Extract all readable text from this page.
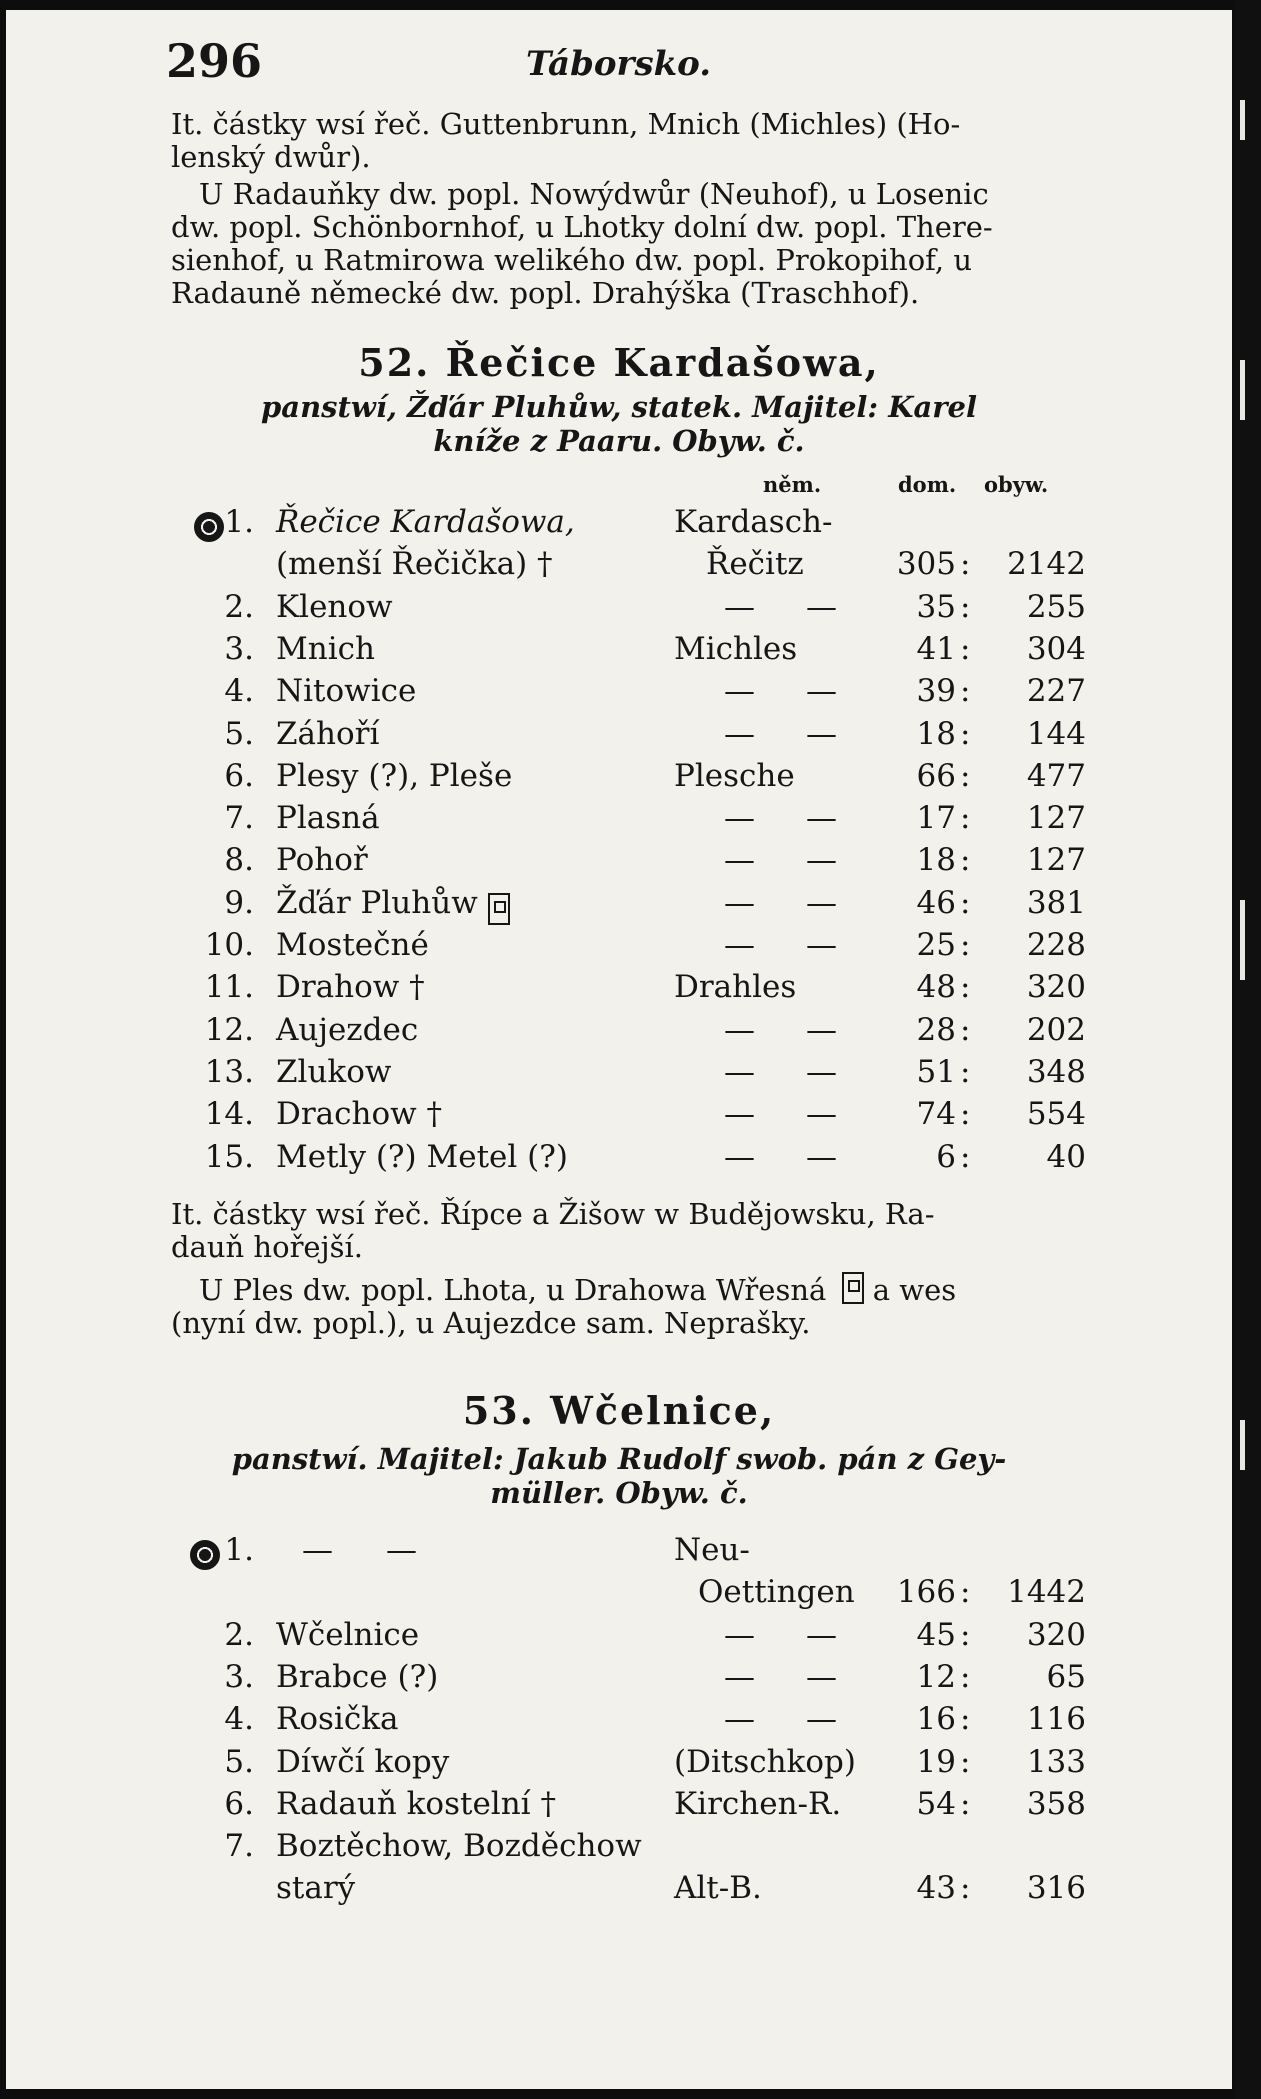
296	Táborsko.
It. částky wsí řeč. Guttenbrunn, Mnich (Michles) (Ho-
lenský dwůr).
U Radauňky dw. popl. Nowýdwůr (Neuhof), u Losenic
dw. popl. Schönbornhof, u Lhotky dolní dw. popl. There-
sienhof, u Ratmirowa welikého dw. popl. Prokopihof, u
Radauně německé dw. popl. Drahýška (Traschhof).
52. Řečice Kardašowa,
panstwí, Žďár Pluhůw, statek. Majitel: Karel
kníže z Paaru. Obyw. č.
něm.	dom. obyw.
1. Řečice Kardašowa,	Kardasch-
(menší Řečička) †	Řečitz	305 :	2142
2. Klenow	— —	35 :	255
3. Mnich	Michles	41 :	304
4. Nitowice	— —	39 :	227
5. Záhoří	— —	18 :	144
6. Plesy (?), Pleše	Plesche	66 :	477
7. Plasná	— —	17 :	127
8. Pohoř	— —	18 :	127
9. Žďár Pluhůw	— —	46 :	381
10. Mostečné	— —	25 :	228
11. Drahow †	Drahles	48 :	320
12. Aujezdec	— —	28 :	202
13. Zlukow	— —	51 :	348
14. Drachow †	— —	74 :	554
15. Metly (?) Metel (?)	— —	6 :	40
It. částky wsí řeč. Řípce a Žišow w Budějowsku, Ra-
dauň hořejší.
U Ples dw. popl. Lhota, u Drahowa Wřesná a wes
(nyní dw. popl.), u Aujezdce sam. Neprašky.
53. Wčelnice,
panstwí. Majitel: Jakub Rudolf swob. pán z Gey-
müller. Obyw. č.
1. — —	Neu-
Oettingen	166 :	1442
2. Wčelnice	— —	45 :	320
3. Brabce (?)	— —	12 :	65
4. Rosička	— —	16 :	116
5. Díwčí kopy	(Ditschkop)	19 :	133
6. Radauň kostelní †	Kirchen-R.	54 :	358
7. Boztěchow, Bozděchow
starý	Alt-B.	43 :	316
